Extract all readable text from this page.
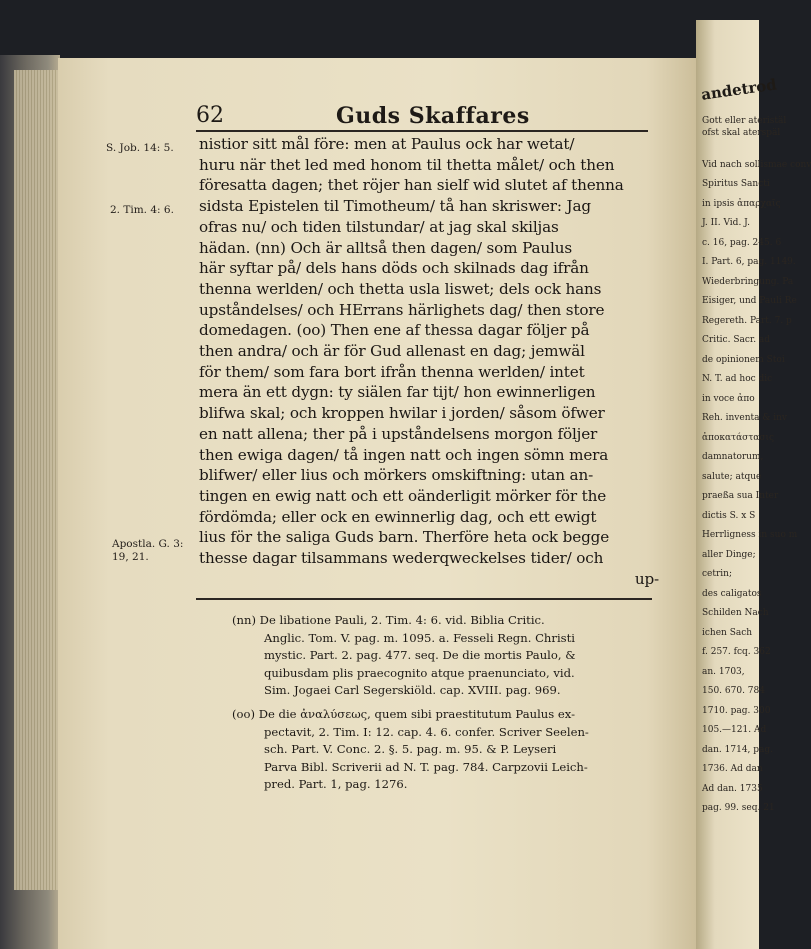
andetrod
Gott eller ateristäl
ofst skal aterspäl
Vid nach sollismae conv
Spiritus Sancti
in ipsis ἀπαρχαῖς
J. II. Vid. J.
c. 16, pag. 245. 6
I. Part. 6, pag. 1149.
Wiederbringung. Pa
Eisiger, und Pauli Re
Regereth. Part. 7. p
Critic. Sacr. ad
de opinionem Stoi
N. T. ad hoc dic
in voce ἀπο
Reh. inventa & inv
ἀποκατάστασις
damnatorum,
salute; atque
praeßa sua Inter
dictis S. x S
Herrligness in suo m
aller Dinge;
cetrin;
des caligatos
Schilden Nach
ichen Sach
f. 257. fcq. 362
an. 1703,
150. 670. 784
1710. pag. 300
105.—121. Ad
dan. 1714, pag.
1736. Ad dan
Ad dan. 1735
pag. 99. seq. 21
62	Guds Skaffares
S. Job. 14: 5.
2. Tim. 4: 6.
Apostla. G. 3: 19, 21.
nistior sitt mål före: men at Paulus ock har wetat/
huru när thet led med honom til thetta målet/ och then
föresatta dagen; thet röjer han sielf wid slutet af thenna
sidsta Epistelen til Timotheum/ tå han skriswer: Jag
ofras nu/ och tiden tilstundar/ at jag skal skiljas
hädan. (nn) Och är alltså then dagen/ som Paulus
här syftar på/ dels hans döds och skilnads dag ifrån
thenna werlden/ och thetta usla liswet; dels ock hans
upståndelses/ och HErrans härlighets dag/ then store
domedagen. (oo) Then ene af thessa dagar följer på
then andra/ och är för Gud allenast en dag; jemwäl
för them/ som fara bort ifrån thenna werlden/ intet
mera än ett dygn: ty siälen far tijt/ hon ewinnerligen
blifwa skal; och kroppen hwilar i jorden/ såsom öfwer
en natt allena; ther på i upståndelsens morgon följer
then ewiga dagen/ tå ingen natt och ingen sömn mera
blifwer/ eller lius och mörkers omskiftning: utan an-
tingen en ewig natt och ett oänderligit mörker för the
fördömda; eller ock en ewinnerlig dag, och ett ewigt
lius för the saliga Guds barn. Therföre heta ock begge
thesse dagar tilsammans wederqweckelses tider/ och
up-
(nn) De libatione Pauli, 2. Tim. 4: 6. vid. Biblia Critic.
Anglic. Tom. V. pag. m. 1095. a. Fesseli Regn. Christi
mystic. Part. 2. pag. 477. seq. De die mortis Paulo, &
quibusdam plis praecognito atque praenunciato, vid.
Sim. Jogaei Carl Segerskiöld. cap. XVIII. pag. 969.
(oo) De die ἀναλύσεως, quem sibi praestitutum Paulus ex-
pectavit, 2. Tim. I: 12. cap. 4. 6. confer. Scriver Seelen-
sch. Part. V. Conc. 2. §. 5. pag. m. 95. & P. Leyseri
Parva Bibl. Scriverii ad N. T. pag. 784. Carpzovii Leich-
pred. Part. 1, pag. 1276.
